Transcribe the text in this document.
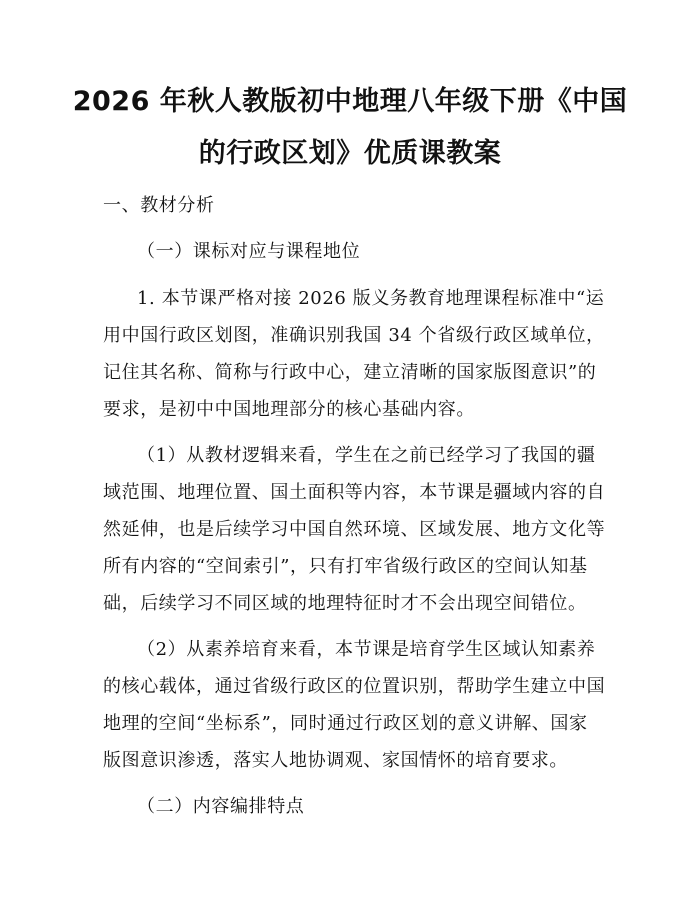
2026 年秋人教版初中地理八年级下册《中国
的行政区划》优质课教案
一、教材分析
（一）课标对应与课程地位
1. 本节课严格对接 2026 版义务教育地理课程标准中“运
用中国行政区划图，准确识别我国 34 个省级行政区域单位，
记住其名称、简称与行政中心，建立清晰的国家版图意识”的
要求，是初中中国地理部分的核心基础内容。
（1）从教材逻辑来看，学生在之前已经学习了我国的疆
域范围、地理位置、国土面积等内容，本节课是疆域内容的自
然延伸，也是后续学习中国自然环境、区域发展、地方文化等
所有内容的“空间索引”，只有打牢省级行政区的空间认知基
础，后续学习不同区域的地理特征时才不会出现空间错位。
（2）从素养培育来看，本节课是培育学生区域认知素养
的核心载体，通过省级行政区的位置识别，帮助学生建立中国
地理的空间“坐标系”，同时通过行政区划的意义讲解、国家
版图意识渗透，落实人地协调观、家国情怀的培育要求。
（二）内容编排特点
